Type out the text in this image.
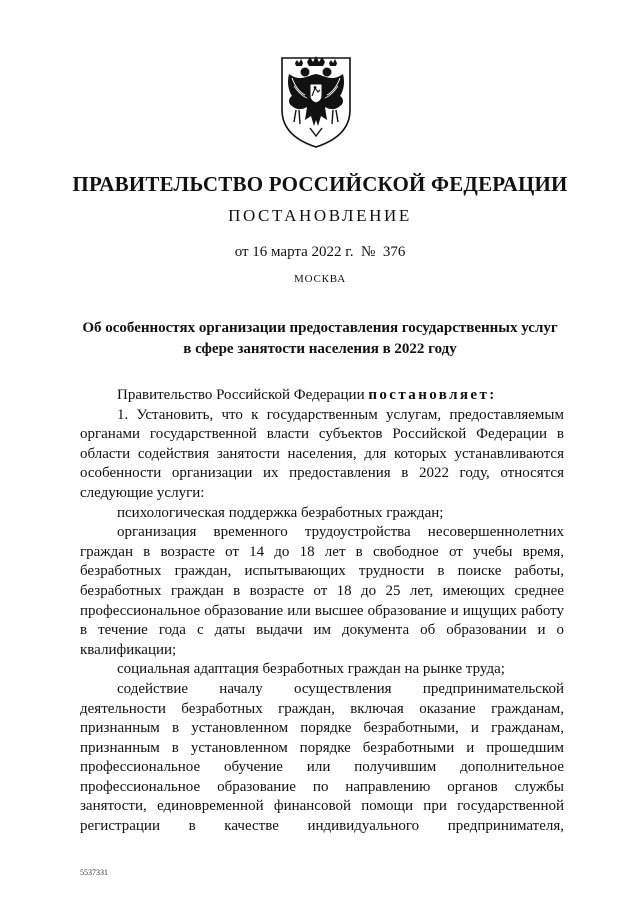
ПРАВИТЕЛЬСТВО РОССИЙСКОЙ ФЕДЕРАЦИИ
ПОСТАНОВЛЕНИЕ
от 16 марта 2022 г.  №  376
МОСКВА
Об особенностях организации предоставления государственных услуг
в сфере занятости населения в 2022 году

Правительство Российской Федерации постановляет:

1. Установить, что к государственным услугам, предоставляемым органами государственной власти субъектов Российской Федерации в области содействия занятости населения, для которых устанавливаются особенности организации их предоставления в 2022 году, относятся следующие услуги:

психологическая поддержка безработных граждан;

организация временного трудоустройства несовершеннолетних граждан в возрасте от 14 до 18 лет в свободное от учебы время, безработных граждан, испытывающих трудности в поиске работы, безработных граждан в возрасте от 18 до 25 лет, имеющих среднее профессиональное образование или высшее образование и ищущих работу в течение года с даты выдачи им документа об образовании и о квалификации;

социальная адаптация безработных граждан на рынке труда;

содействие началу осуществления предпринимательской деятельности безработных граждан, включая оказание гражданам, признанным в установленном порядке безработными, и гражданам, признанным в установленном порядке безработными и прошедшим профессиональное обучение или получившим дополнительное профессиональное образование по направлению органов службы занятости, единовременной финансовой помощи при государственной регистрации в качестве индивидуального предпринимателя,

5537331
